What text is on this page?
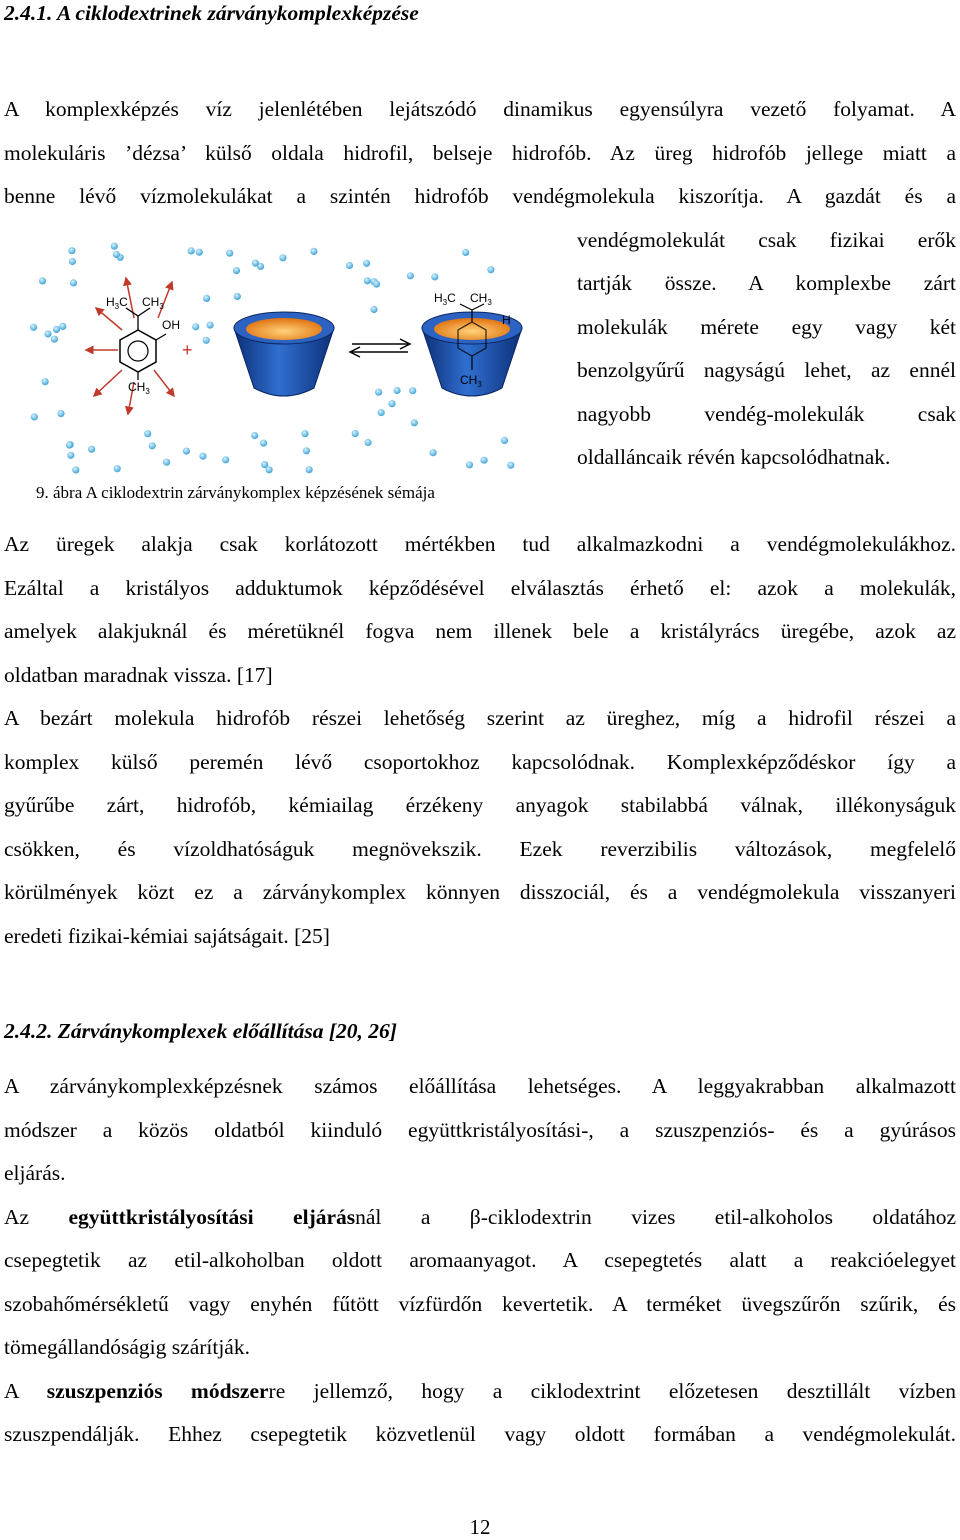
2.4.1. A ciklodextrinek zárványkomplexképzése
A komplexképzés víz jelenlétében lejátszódó dinamikus egyensúlyra vezető folyamat. A
molekuláris ’dézsa’ külső oldala hidrofil, belseje hidrofób. Az üreg hidrofób jellege miatt a
benne lévő vízmolekulákat a szintén hidrofób vendégmolekula kiszorítja. A gazdát és a
vendégmolekulát csak fizikai erők
tartják össze. A komplexbe zárt
molekulák mérete egy vagy két
benzolgyűrű nagyságú lehet, az ennél
nagyobb vendég-molekulák csak
oldalláncaik révén kapcsolódhatnak.
$H_3C$ $CH_3$
OH
$CH_3$
+
$H_3C$ $CH_3$
H
$CH_3$
9. ábra A ciklodextrin zárványkomplex képzésének sémája
Az üregek alakja csak korlátozott mértékben tud alkalmazkodni a vendégmolekulákhoz.
Ezáltal a kristályos adduktumok képződésével elválasztás érhető el: azok a molekulák,
amelyek alakjuknál és méretüknél fogva nem illenek bele a kristályrács üregébe, azok az
oldatban maradnak vissza. [17]
A bezárt molekula hidrofób részei lehetőség szerint az üreghez, míg a hidrofil részei a
komplex külső peremén lévő csoportokhoz kapcsolódnak. Komplexképződéskor így a
gyűrűbe zárt, hidrofób, kémiailag érzékeny anyagok stabilabbá válnak, illékonyságuk
csökken, és vízoldhatóságuk megnövekszik. Ezek reverzibilis változások, megfelelő
körülmények közt ez a zárványkomplex könnyen disszociál, és a vendégmolekula visszanyeri
eredeti fizikai-kémiai sajátságait. [25]
2.4.2. Zárványkomplexek előállítása [20, 26]
A zárványkomplexképzésnek számos előállítása lehetséges. A leggyakrabban alkalmazott
módszer a közös oldatból kiinduló együttkristályosítási-, a szuszpenziós- és a gyúrásos
eljárás.
Az együttkristályosítási eljárásnál a β-ciklodextrin vizes etil-alkoholos oldatához
csepegtetik az etil-alkoholban oldott aromaanyagot. A csepegtetés alatt a reakcióelegyet
szobahőmérsékletű vagy enyhén fűtött vízfürdőn kevertetik. A terméket üvegszűrőn szűrik, és
tömegállandóságig szárítják.
A szuszpenziós módszerre jellemző, hogy a ciklodextrint előzetesen desztillált vízben
szuszpendálják. Ehhez csepegtetik közvetlenül vagy oldott formában a vendégmolekulát.
12
